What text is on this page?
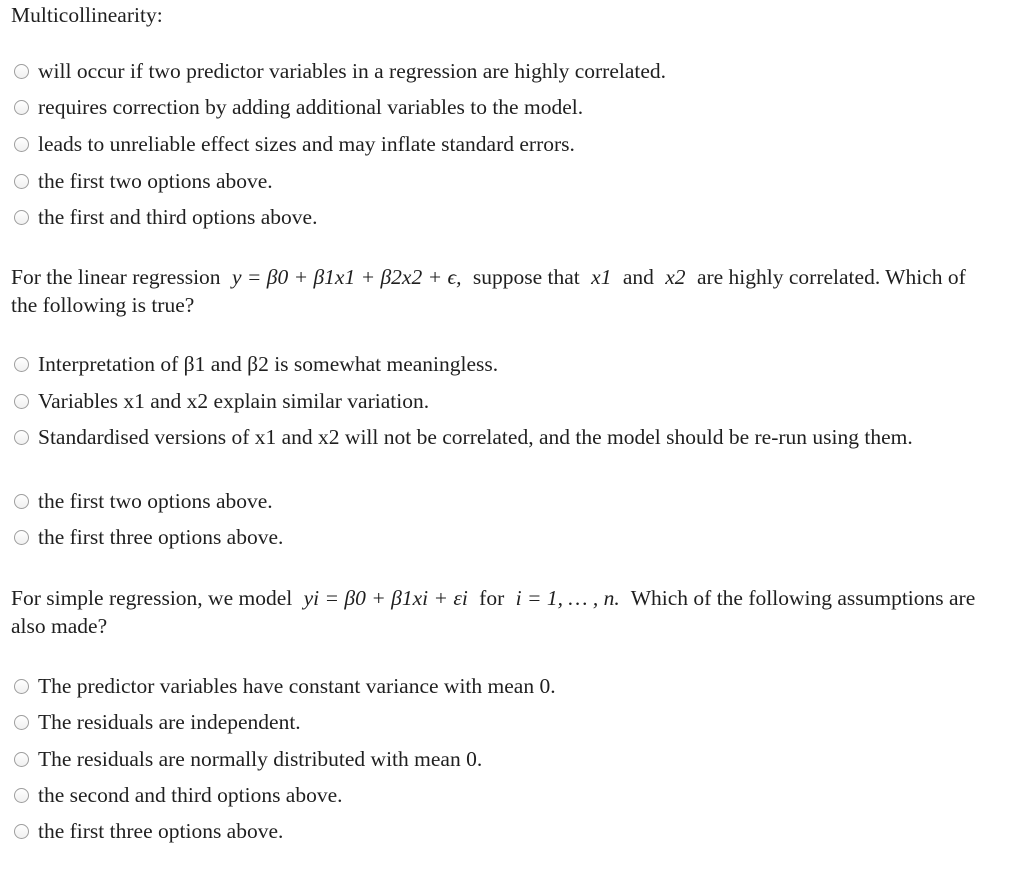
Multicollinearity:

will occur if two predictor variables in a regression are highly correlated.
requires correction by adding additional variables to the model.
leads to unreliable effect sizes and may inflate standard errors.
the first two options above.
the first and third options above.

For the linear regression y = β0 + β1x1 + β2x2 + ϵ, suppose that x1 and x2 are highly correlated. Which of the following is true?

Interpretation of β1 and β2 is somewhat meaningless.
Variables x1 and x2 explain similar variation.
Standardised versions of x1 and x2 will not be correlated, and the model should be re-run using them.
the first two options above.
the first three options above.

For simple regression, we model yi = β0 + β1xi + εi for i = 1, … , n. Which of the following assumptions are also made?

The predictor variables have constant variance with mean 0.
The residuals are independent.
The residuals are normally distributed with mean 0.
the second and third options above.
the first three options above.
